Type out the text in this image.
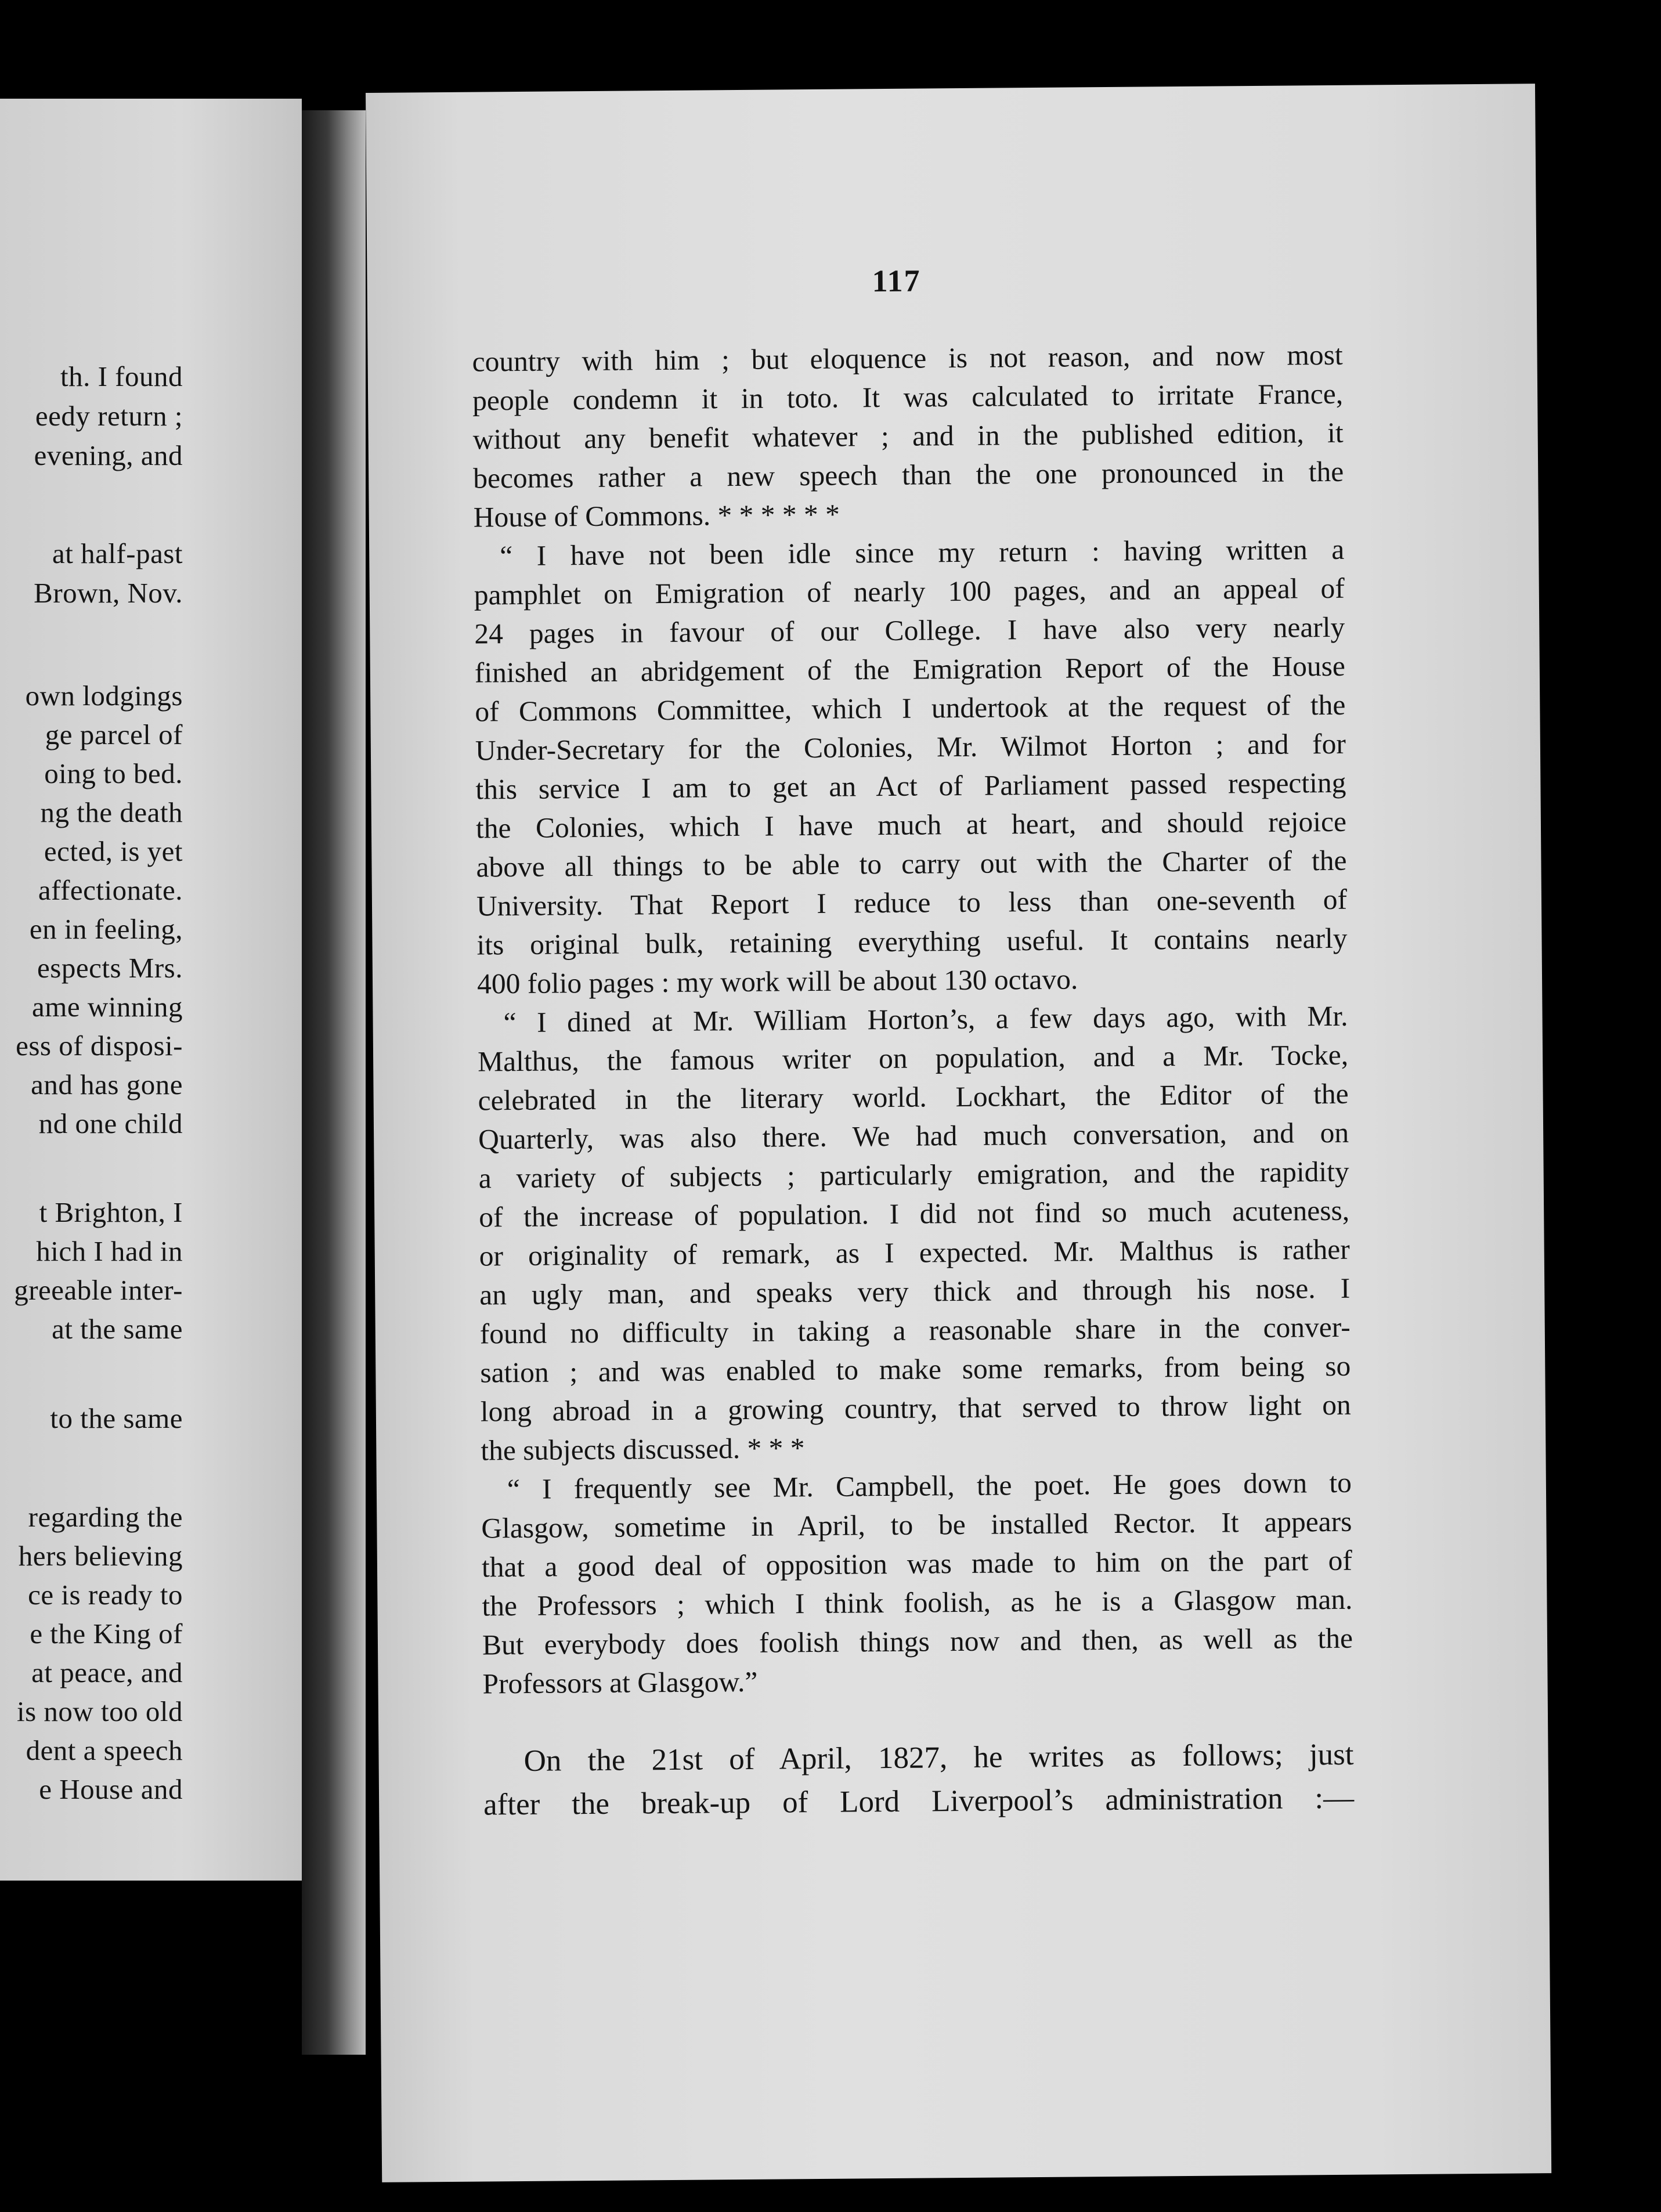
th. I found
eedy return ;
evening, and
at half-past
Brown, Nov.
own lodgings
ge parcel of
oing to bed.
ng the death
ected, is yet
affectionate.
en in feeling,
espects Mrs.
ame winning
ess of disposi-
and has gone
nd one child
t Brighton, I
hich I had in
greeable inter-
at the same
to the same
regarding the
hers believing
ce is ready to
e the King of
at peace, and
is now too old
dent a speech
e House and
117
country with him ; but eloquence is not reason, and now most
people condemn it in toto. It was calculated to irritate France,
without any benefit whatever ; and in the published edition, it
becomes rather a new speech than the one pronounced in the
House of Commons. * * * * * *
“ I have not been idle since my return : having written a
pamphlet on Emigration of nearly 100 pages, and an appeal of
24 pages in favour of our College. I have also very nearly
finished an abridgement of the Emigration Report of the House
of Commons Committee, which I undertook at the request of the
Under-Secretary for the Colonies, Mr. Wilmot Horton ; and for
this service I am to get an Act of Parliament passed respecting
the Colonies, which I have much at heart, and should rejoice
above all things to be able to carry out with the Charter of the
University. That Report I reduce to less than one-seventh of
its original bulk, retaining everything useful. It contains nearly
400 folio pages : my work will be about 130 octavo.
“ I dined at Mr. William Horton’s, a few days ago, with Mr.
Malthus, the famous writer on population, and a Mr. Tocke,
celebrated in the literary world. Lockhart, the Editor of the
Quarterly, was also there. We had much conversation, and on
a variety of subjects ; particularly emigration, and the rapidity
of the increase of population. I did not find so much acuteness,
or originality of remark, as I expected. Mr. Malthus is rather
an ugly man, and speaks very thick and through his nose. I
found no difficulty in taking a reasonable share in the conver-
sation ; and was enabled to make some remarks, from being so
long abroad in a growing country, that served to throw light on
the subjects discussed. * * *
“ I frequently see Mr. Campbell, the poet. He goes down to
Glasgow, sometime in April, to be installed Rector. It appears
that a good deal of opposition was made to him on the part of
the Professors ; which I think foolish, as he is a Glasgow man.
But everybody does foolish things now and then, as well as the
Professors at Glasgow.”
On the 21st of April, 1827, he writes as follows; just
after the break-up of Lord Liverpool’s administration :—
